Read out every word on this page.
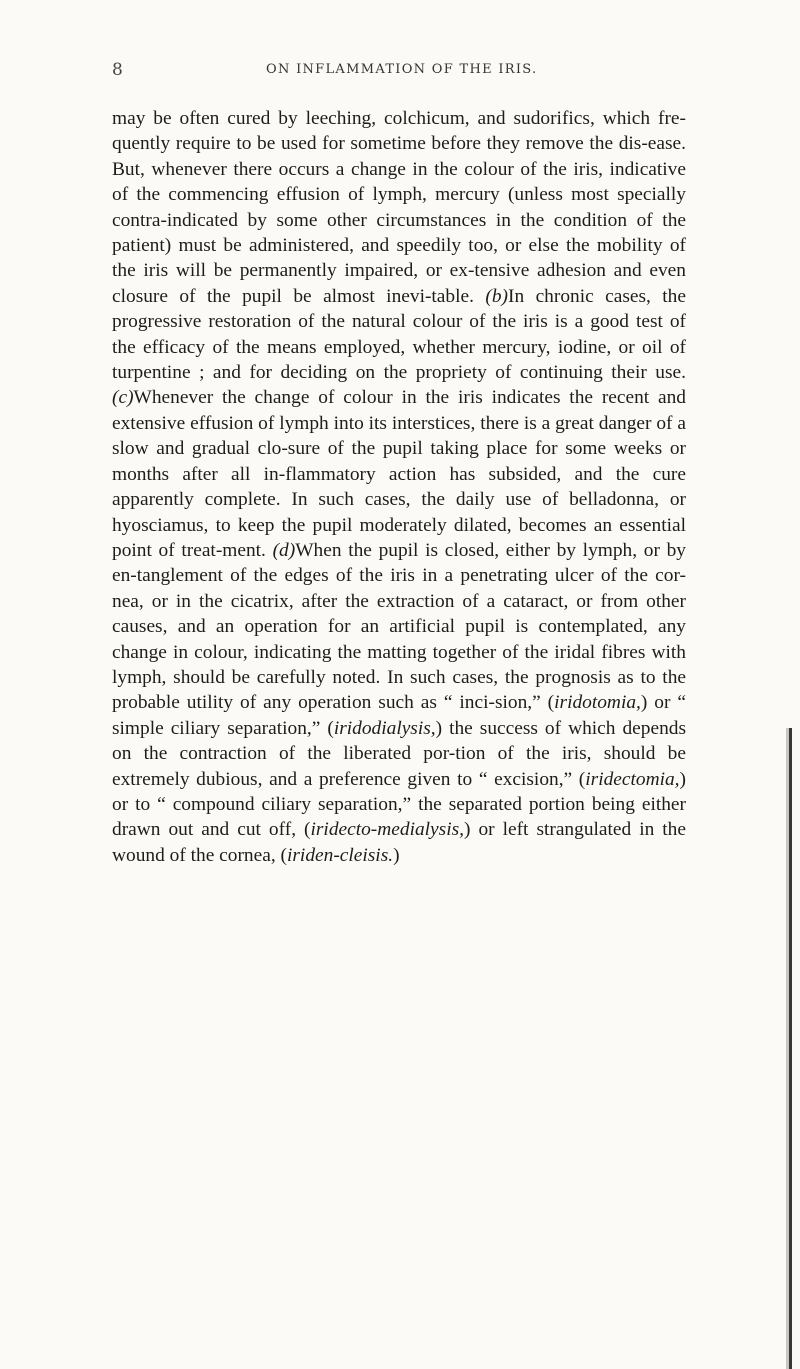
8	ON INFLAMMATION OF THE IRIS.

may be often cured by leeching, colchicum, and sudorifics, which fre-quently require to be used for sometime before they remove the dis-ease. But, whenever there occurs a change in the colour of the iris, indicative of the commencing effusion of lymph, mercury (unless most specially contra-indicated by some other circumstances in the condition of the patient) must be administered, and speedily too, or else the mobility of the iris will be permanently impaired, or ex-tensive adhesion and even closure of the pupil be almost inevi-table. (b)In chronic cases, the progressive restoration of the natural colour of the iris is a good test of the efficacy of the means employed, whether mercury, iodine, or oil of turpentine ; and for deciding on the propriety of continuing their use. (c)Whenever the change of colour in the iris indicates the recent and extensive effusion of lymph into its interstices, there is a great danger of a slow and gradual clo-sure of the pupil taking place for some weeks or months after all in-flammatory action has subsided, and the cure apparently complete. In such cases, the daily use of belladonna, or hyosciamus, to keep the pupil moderately dilated, becomes an essential point of treat-ment. (d)When the pupil is closed, either by lymph, or by en-tanglement of the edges of the iris in a penetrating ulcer of the cor-nea, or in the cicatrix, after the extraction of a cataract, or from other causes, and an operation for an artificial pupil is contemplated, any change in colour, indicating the matting together of the iridal fibres with lymph, should be carefully noted. In such cases, the prognosis as to the probable utility of any operation such as “ inci-sion,” (iridotomia,) or “ simple ciliary separation,” (iridodialysis,) the success of which depends on the contraction of the liberated por-tion of the iris, should be extremely dubious, and a preference given to “ excision,” (iridectomia,) or to “ compound ciliary separation,” the separated portion being either drawn out and cut off, (iridecto-medialysis,) or left strangulated in the wound of the cornea, (iriden-cleisis.)
